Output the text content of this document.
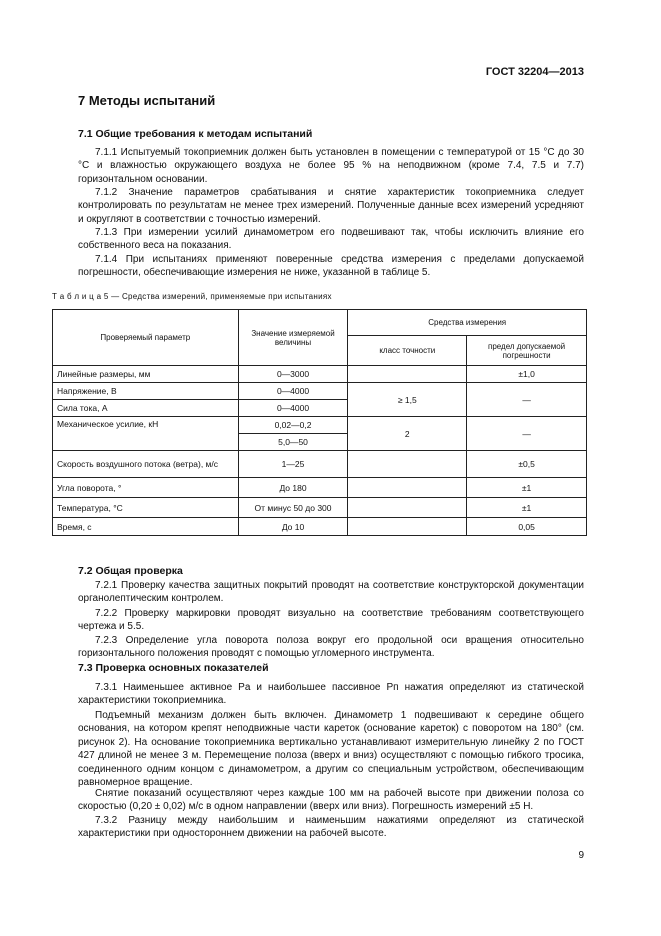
ГОСТ 32204—2013
7 Методы испытаний
7.1 Общие требования к методам испытаний
7.1.1 Испытуемый токоприемник должен быть установлен в помещении с температурой от 15 °С до 30 °С и влажностью окружающего воздуха не более 95 % на неподвижном (кроме 7.4, 7.5 и 7.7) горизонтальном основании.
7.1.2 Значение параметров срабатывания и снятие характеристик токоприемника следует контролировать по результатам не менее трех измерений. Полученные данные всех измерений усредняют и округляют в соответствии с точностью измерений.
7.1.3 При измерении усилий динамометром его подвешивают так, чтобы исключить влияние его собственного веса на показания.
7.1.4 При испытаниях применяют поверенные средства измерения с пределами допускаемой погрешности, обеспечивающие измерения не ниже, указанной в таблице 5.
Т а б л и ц а 5 — Средства измерений, применяемые при испытаниях
Проверяемый параметр	Значение измеряемой величины	Средства измерения	
		класс точности	предел допускаемой погрешности
Линейные размеры, мм	0—3000		±1,0
Напряжение, В	0—4000	≥ 1,5	—
Сила тока, А	0—4000		
Механическое усилие, кН	0,02—0,2	2	—
	5,0—50		
Скорость воздушного потока (ветра), м/с	1—25		±0,5
Угла поворота, °	До 180		±1
Температура, °С	От минус 50 до 300		±1
Время, с	До 10		0,05
7.2 Общая проверка
7.2.1 Проверку качества защитных покрытий проводят на соответствие конструкторской документации органолептическим контролем.
7.2.2 Проверку маркировки проводят визуально на соответствие требованиям соответствующего чертежа и 5.5.
7.2.3 Определение угла поворота полоза вокруг его продольной оси вращения относительно горизонтального положения проводят с помощью угломерного инструмента.
7.3 Проверка основных показателей
7.3.1 Наименьшее активное Pа и наибольшее пассивное Pп нажатия определяют из статической характеристики токоприемника.
Подъемный механизм должен быть включен. Динамометр 1 подвешивают к середине общего основания, на котором крепят неподвижные части кареток (основание кареток) с поворотом на 180° (см. рисунок 2). На основание токоприемника вертикально устанавливают измерительную линейку 2 по ГОСТ 427 длиной не менее 3 м. Перемещение полоза (вверх и вниз) осуществляют с помощью гибкого тросика, соединенного одним концом с динамометром, а другим со специальным устройством, обеспечивающим равномерное вращение.
Снятие показаний осуществляют через каждые 100 мм на рабочей высоте при движении полоза со скоростью (0,20 ± 0,02) м/с в одном направлении (вверх или вниз). Погрешность измерений ±5 Н.
7.3.2 Разницу между наибольшим и наименьшим нажатиями определяют из статической характеристики при одностороннем движении на рабочей высоте.
9
